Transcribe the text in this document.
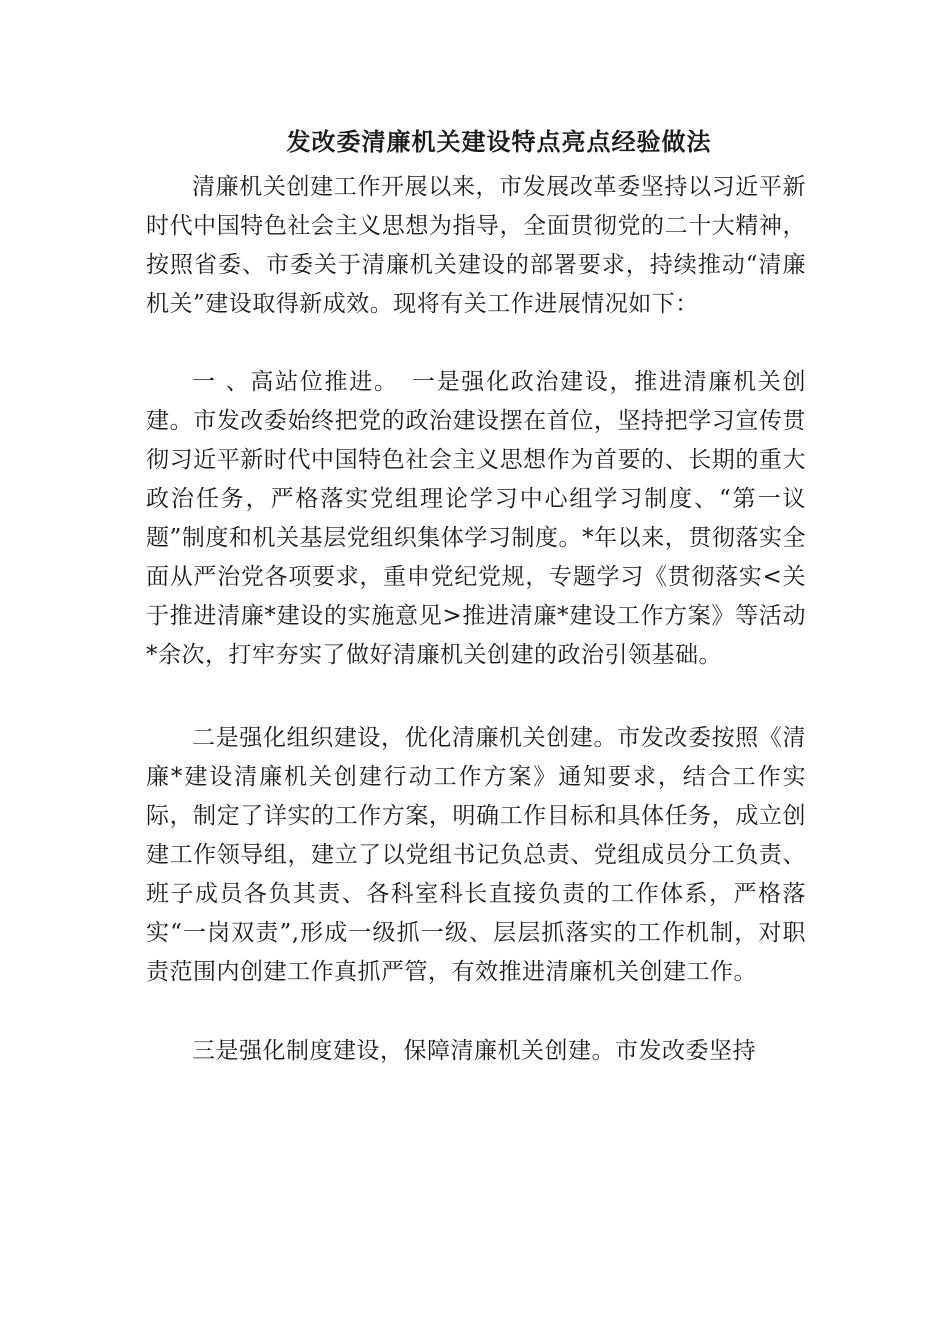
发改委清廉机关建设特点亮点经验做法

清廉机关创建工作开展以来，市发展改革委坚持以习近平新时代中国特色社会主义思想为指导，全面贯彻党的二十大精神，按照省委、市委关于清廉机关建设的部署要求，持续推动“清廉机关”建设取得新成效。现将有关工作进展情况如下：

一 、高站位推进。　一是强化政治建设，推进清廉机关创建。市发改委始终把党的政治建设摆在首位，坚持把学习宣传贯彻习近平新时代中国特色社会主义思想作为首要的、长期的重大政治任务，严格落实党组理论学习中心组学习制度、“第一议题”制度和机关基层党组织集体学习制度。*年以来，贯彻落实全面从严治党各项要求，重申党纪党规，专题学习《贯彻落实<关于推进清廉*建设的实施意见>推进清廉*建设工作方案》等活动*余次，打牢夯实了做好清廉机关创建的政治引领基础。

二是强化组织建设，优化清廉机关创建。市发改委按照《清廉*建设清廉机关创建行动工作方案》通知要求，结合工作实际，制定了详实的工作方案，明确工作目标和具体任务，成立创建工作领导组，建立了以党组书记负总责、党组成员分工负责、班子成员各负其责、各科室科长直接负责的工作体系，严格落实“一岗双责”,形成一级抓一级、层层抓落实的工作机制，对职责范围内创建工作真抓严管，有效推进清廉机关创建工作。

三是强化制度建设，保障清廉机关创建。市发改委坚持
